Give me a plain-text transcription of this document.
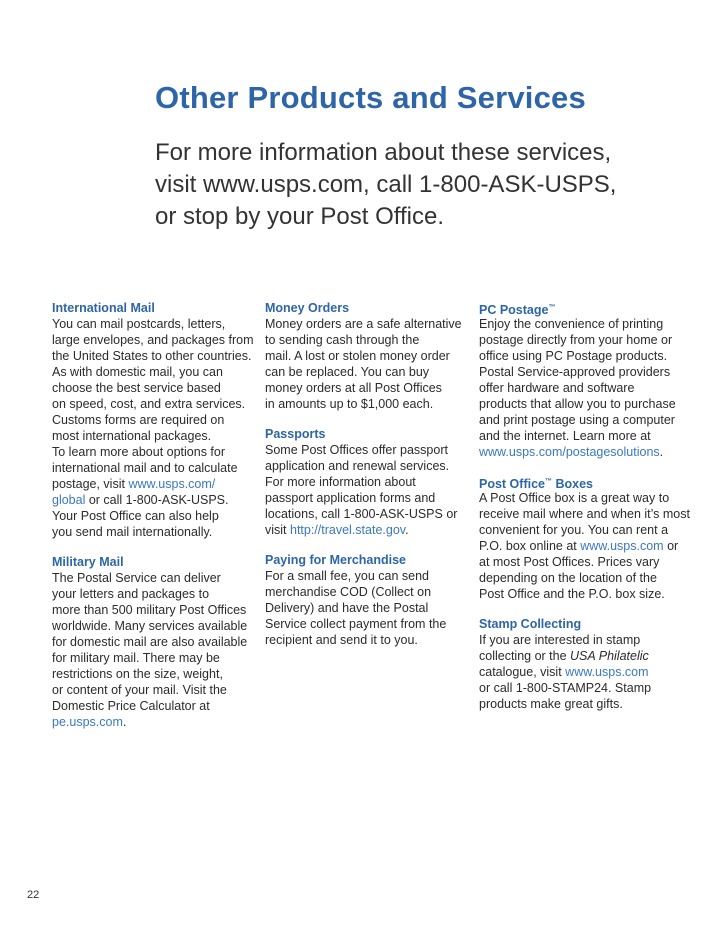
Other Products and Services
For more information about these services,
visit www.usps.com, call 1-800-ASK-USPS,
or stop by your Post Office.
International Mail
You can mail postcards, letters,
large envelopes, and packages from
the United States to other countries.
As with domestic mail, you can
choose the best service based
on speed, cost, and extra services.
Customs forms are required on
most international packages.
To learn more about options for
international mail and to calculate
postage, visit www.usps.com/
global or call 1-800-ASK-USPS.
Your Post Office can also help
you send mail internationally.
Military Mail
The Postal Service can deliver
your letters and packages to
more than 500 military Post Offices
worldwide. Many services available
for domestic mail are also available
for military mail. There may be
restrictions on the size, weight,
or content of your mail. Visit the
Domestic Price Calculator at
pe.usps.com.
Money Orders
Money orders are a safe alternative
to sending cash through the
mail. A lost or stolen money order
can be replaced. You can buy
money orders at all Post Offices
in amounts up to $1,000 each.
Passports
Some Post Offices offer passport
application and renewal services.
For more information about
passport application forms and
locations, call 1-800-ASK-USPS or
visit http://travel.state.gov.
Paying for Merchandise
For a small fee, you can send
merchandise COD (Collect on
Delivery) and have the Postal
Service collect payment from the
recipient and send it to you.
PC Postage™
Enjoy the convenience of printing
postage directly from your home or
office using PC Postage products.
Postal Service-approved providers
offer hardware and software
products that allow you to purchase
and print postage using a computer
and the internet. Learn more at
www.usps.com/postagesolutions.
Post Office™ Boxes
A Post Office box is a great way to
receive mail where and when it’s most
convenient for you. You can rent a
P.O. box online at www.usps.com or
at most Post Offices. Prices vary
depending on the location of the
Post Office and the P.O. box size.
Stamp Collecting
If you are interested in stamp
collecting or the USA Philatelic
catalogue, visit www.usps.com
or call 1-800-STAMP24. Stamp
products make great gifts.
22
